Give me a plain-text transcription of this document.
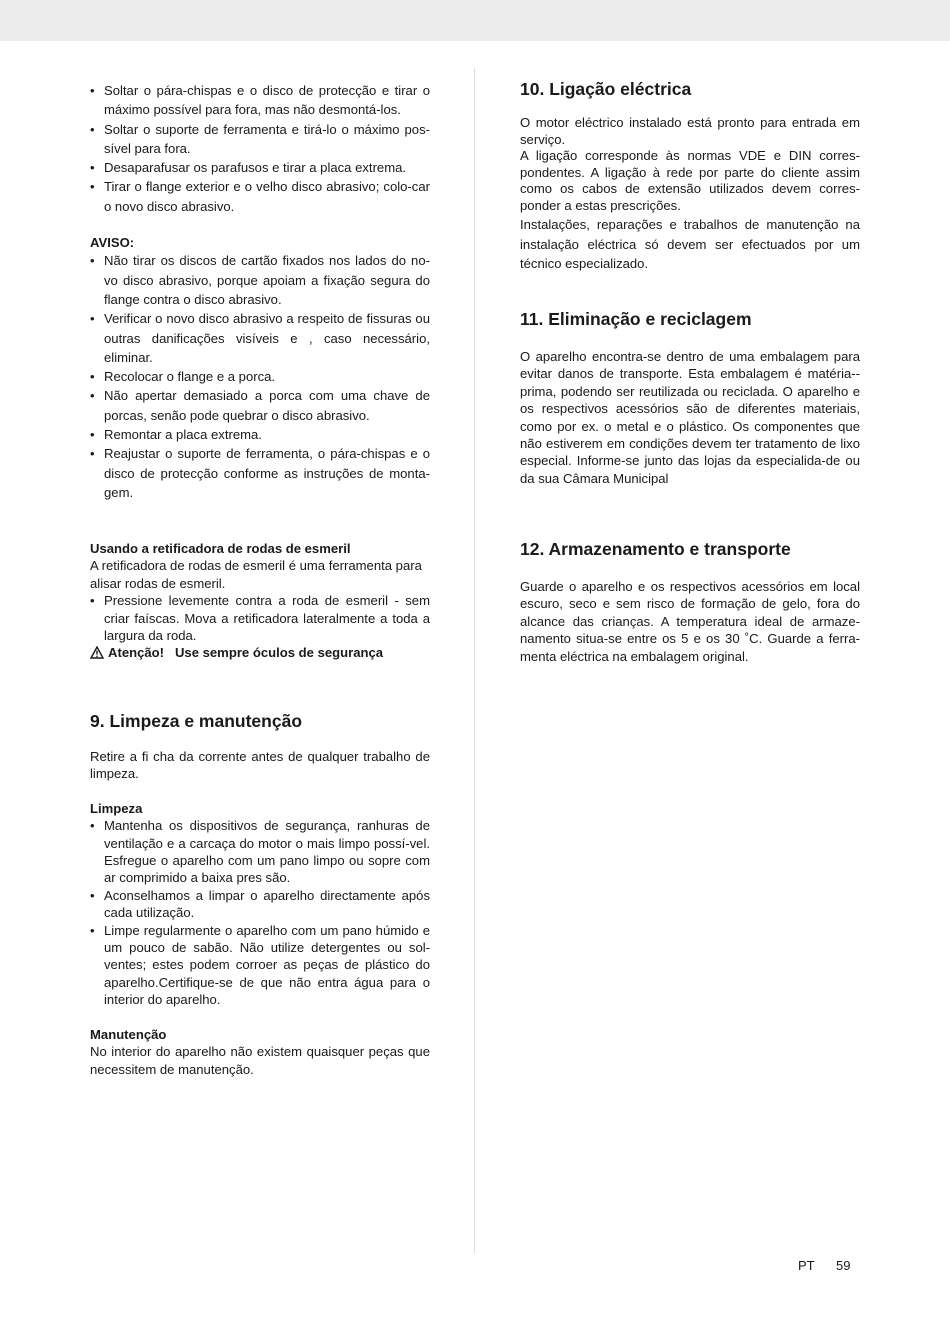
• Soltar o pára-chispas e o disco de protecção e tirar o máximo possível para fora, mas não desmontá-los.
• Soltar o suporte de ferramenta e tirá-lo o máximo pos-sível para fora.
• Desaparafusar os parafusos e tirar a placa extrema.
• Tirar o flange exterior e o velho disco abrasivo; colo-car o novo disco abrasivo.

AVISO:

• Não tirar os discos de cartão fixados nos lados do no-vo disco abrasivo, porque apoiam a fixação segura do flange contra o disco abrasivo.
• Verificar o novo disco abrasivo a respeito de fissuras ou outras danificações visíveis e , caso necessário, eliminar.
• Recolocar o flange e a porca.
• Não apertar demasiado a porca com uma chave de porcas, senão pode quebrar o disco abrasivo.
• Remontar a placa extrema.
• Reajustar o suporte de ferramenta, o pára-chispas e o disco de protecção conforme as instruções de monta-gem.

Usando a retificadora de rodas de esmeril

A retificadora de rodas de esmeril é uma ferramenta para alisar rodas de esmeril.

• Pressione levemente contra a roda de esmeril - sem criar faíscas. Mova a retificadora lateralmente a toda a largura da roda.

Atenção! Use sempre óculos de segurança

9. Limpeza e manutenção

Retire a fi cha da corrente antes de qualquer trabalho de limpeza.

Limpeza

• Mantenha os dispositivos de segurança, ranhuras de ventilação e a carcaça do motor o mais limpo possí-vel. Esfregue o aparelho com um pano limpo ou sopre com ar comprimido a baixa pres são.
• Aconselhamos a limpar o aparelho directamente após cada utilização.
• Limpe regularmente o aparelho com um pano húmido e um pouco de sabão. Não utilize detergentes ou sol-ventes; estes podem corroer as peças de plástico do aparelho.Certifique-se de que não entra água para o interior do aparelho.

Manutenção

No interior do aparelho não existem quaisquer peças que necessitem de manutenção.

10. Ligação eléctrica

O motor eléctrico instalado está pronto para entrada em serviço.

A ligação corresponde às normas VDE e DIN corres-pondentes. A ligação à rede por parte do cliente assim como os cabos de extensão utilizados devem corres-ponder a estas prescrições.

Instalações, reparações e trabalhos de manutenção na instalação eléctrica só devem ser efectuados por um técnico especializado.

11. Eliminação e reciclagem

O aparelho encontra-se dentro de uma embalagem para evitar danos de transporte. Esta embalagem é matéria--prima, podendo ser reutilizada ou reciclada. O aparelho e os respectivos acessórios são de diferentes materiais, como por ex. o metal e o plástico. Os componentes que não estiverem em condições devem ter tratamento de lixo especial. Informe-se junto das lojas da especialida-de ou da sua Câmara Municipal

12. Armazenamento e transporte

Guarde o aparelho e os respectivos acessórios em local escuro, seco e sem risco de formação de gelo, fora do alcance das crianças. A temperatura ideal de armaze-namento situa-se entre os 5 e os 30 ˚C. Guarde a ferra-menta eléctrica na embalagem original.

PT 59
